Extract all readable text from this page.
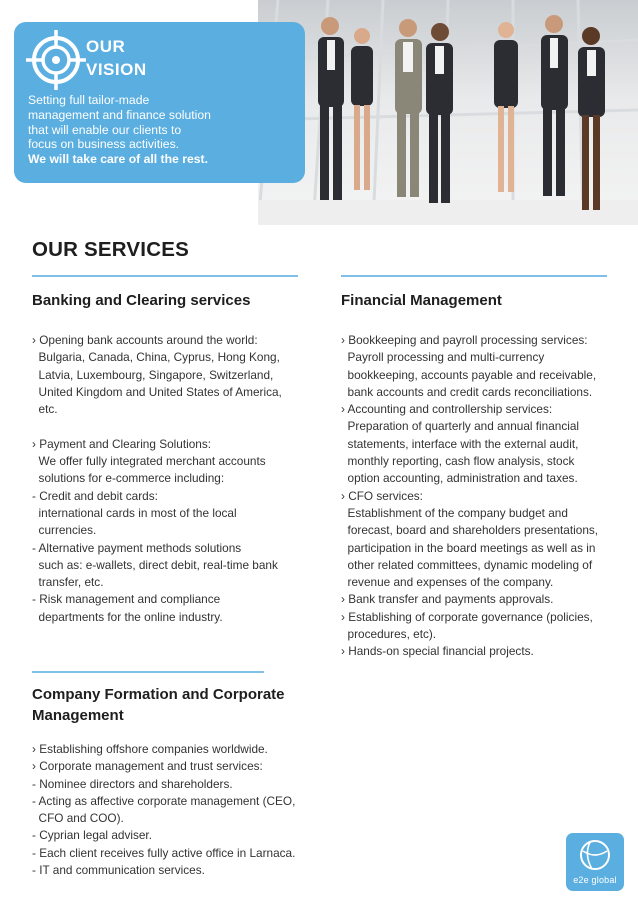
OUR
VISION
Setting full tailor-made
management and finance solution
that will enable our clients to
focus on business activities.
We will take care of all the rest.
OUR SERVICES
Banking and Clearing services
› Opening bank accounts around the world:
Bulgaria, Canada, China, Cyprus, Hong Kong,
Latvia, Luxembourg, Singapore, Switzerland,
United Kingdom and United States of America,
etc.
› Payment and Clearing Solutions:
We offer fully integrated merchant accounts
solutions for e-commerce including:
- Credit and debit cards:
international cards in most of the local
currencies.
- Alternative payment methods solutions
such as: e-wallets, direct debit, real-time bank
transfer, etc.
- Risk management and compliance
departments for the online industry.
Financial Management
› Bookkeeping and payroll processing services:
Payroll processing and multi-currency
bookkeeping, accounts payable and receivable,
bank accounts and credit cards reconciliations.
› Accounting and controllership services:
Preparation of quarterly and annual financial
statements, interface with the external audit,
monthly reporting, cash flow analysis, stock
option accounting, administration and taxes.
› CFO services:
Establishment of the company budget and
forecast, board and shareholders presentations,
participation in the board meetings as well as in
other related committees, dynamic modeling of
revenue and expenses of the company.
› Bank transfer and payments approvals.
› Establishing of corporate governance (policies,
procedures, etc).
› Hands-on special financial projects.
Company Formation and Corporate
Management
› Establishing offshore companies worldwide.
› Corporate management and trust services:
- Nominee directors and shareholders.
- Acting as affective corporate management (CEO,
CFO and COO).
- Cyprian legal adviser.
- Each client receives fully active office in Larnaca.
- IT and communication services.
e2e global
